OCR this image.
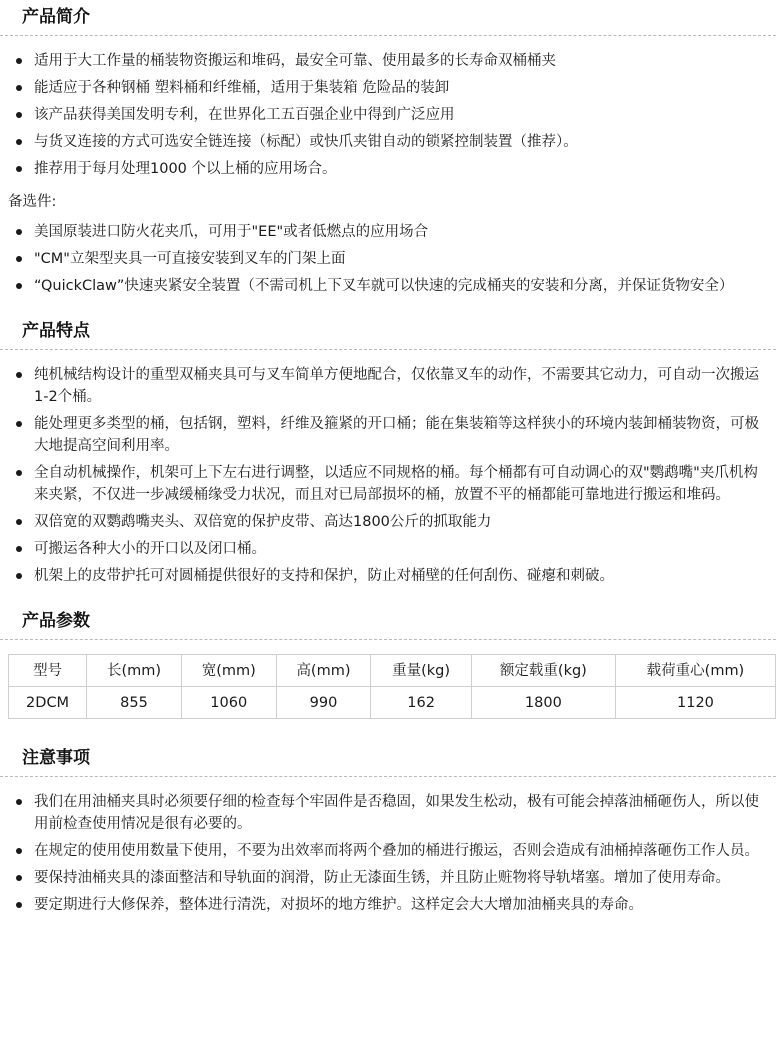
产品简介
适用于大工作量的桶装物资搬运和堆码，最安全可靠、使用最多的长寿命双桶桶夹
能适应于各种钢桶 塑料桶和纤维桶，适用于集装箱 危险品的装卸
该产品获得美国发明专利，在世界化工五百强企业中得到广泛应用
与货叉连接的方式可选安全链连接（标配）或快爪夹钳自动的锁紧控制装置（推荐）。
推荐用于每月处理1000 个以上桶的应用场合。
备选件:
美国原装进口防火花夹爪，可用于"EE"或者低燃点的应用场合
"CM"立架型夹具一可直接安装到叉车的门架上面
“QuickClaw”快速夹紧安全装置（不需司机上下叉车就可以快速的完成桶夹的安装和分离，并保证货物安全）
产品特点
纯机械结构设计的重型双桶夹具可与叉车简单方便地配合，仅依靠叉车的动作，不需要其它动力，可自动一次搬运1-2个桶。
能处理更多类型的桶，包括钢，塑料，纤维及箍紧的开口桶；能在集装箱等这样狭小的环境内装卸桶装物资，可极大地提高空间利用率。
全自动机械操作，机架可上下左右进行调整，以适应不同规格的桶。每个桶都有可自动调心的双"鹦鹉嘴"夹爪机构来夹紧，不仅进一步减缓桶缘受力状况，而且对已局部损坏的桶，放置不平的桶都能可靠地进行搬运和堆码。
双倍宽的双鹦鹉嘴夹头、双倍宽的保护皮带、高达1800公斤的抓取能力
可搬运各种大小的开口以及闭口桶。
机架上的皮带护托可对圆桶提供很好的支持和保护，防止对桶壁的任何刮伤、碰瘪和刺破。
产品参数
型号	长(mm)	宽(mm)	高(mm)	重量(kg)	额定载重(kg)	载荷重心(mm)
2DCM	855	1060	990	162	1800	1120
注意事项
我们在用油桶夹具时必须要仔细的检查每个牢固件是否稳固，如果发生松动，极有可能会掉落油桶砸伤人，所以使用前检查使用情况是很有必要的。
在规定的使用使用数量下使用，不要为出效率而将两个叠加的桶进行搬运，否则会造成有油桶掉落砸伤工作人员。
要保持油桶夹具的漆面整洁和导轨面的润滑，防止无漆面生锈，并且防止赃物将导轨堵塞。增加了使用寿命。
要定期进行大修保养，整体进行清洗，对损坏的地方维护。这样定会大大增加油桶夹具的寿命。
